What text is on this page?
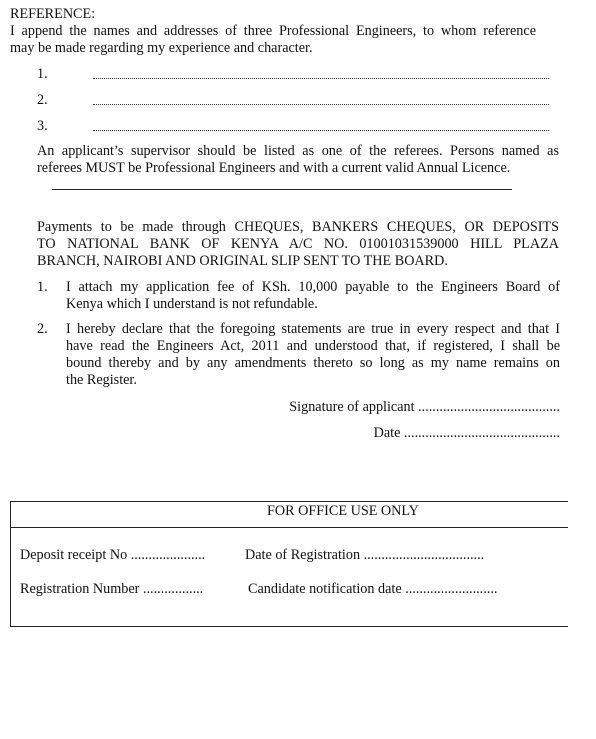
REFERENCE:
I append the names and addresses of three Professional Engineers, to whom reference
may be made regarding my experience and character.
1.
2.
3.
An applicant’s supervisor should be listed as one of the referees. Persons named as
referees MUST be Professional Engineers and with a current valid Annual Licence.
Payments to be made through CHEQUES, BANKERS CHEQUES, OR DEPOSITS
TO NATIONAL BANK OF KENYA A/C NO. 01001031539000 HILL PLAZA
BRANCH, NAIROBI AND ORIGINAL SLIP SENT TO THE BOARD.
1. I attach my application fee of KSh. 10,000 payable to the Engineers Board of
Kenya which I understand is not refundable.
2. I hereby declare that the foregoing statements are true in every respect and that I
have read the Engineers Act, 2011 and understood that, if registered, I shall be
bound thereby and by any amendments thereto so long as my name remains on
the Register.
Signature of applicant ........................................
Date ............................................
FOR OFFICE USE ONLY
Deposit receipt No .....................	Date of Registration ..................................
Registration Number .................	Candidate notification date ..........................
